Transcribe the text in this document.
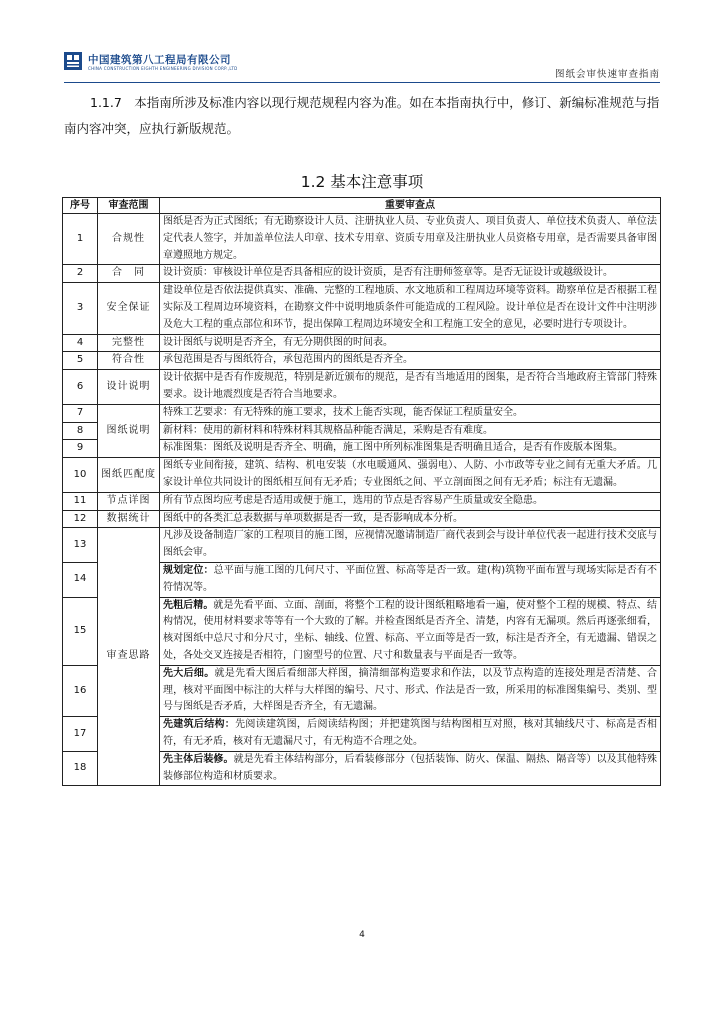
中国建筑第八工程局有限公司
CHINA CONSTRUCTION EIGHTH ENGINEERING DIVISION CORP.,LTD
图纸会审快速审查指南

1.1.7　本指南所涉及标准内容以现行规范规程内容为准。如在本指南执行中，修订、新编标准规范与指南内容冲突，应执行新版规范。

1.2 基本注意事项
序号	审查范围	重要审查点
1	合规性	图纸是否为正式图纸；有无勘察设计人员、注册执业人员、专业负责人、项目负责人、单位技术负责人、单位法定代表人签字，并加盖单位法人印章、技术专用章、资质专用章及注册执业人员资格专用章，是否需要具备审图章遵照地方规定。
2	合　同	设计资质：审核设计单位是否具备相应的设计资质，是否有注册师签章等。是否无证设计或越级设计。
3	安全保证	建设单位是否依法提供真实、准确、完整的工程地质、水文地质和工程周边环境等资料。勘察单位是否根据工程实际及工程周边环境资料，在勘察文件中说明地质条件可能造成的工程风险。设计单位是否在设计文件中注明涉及危大工程的重点部位和环节，提出保障工程周边环境安全和工程施工安全的意见，必要时进行专项设计。
4	完整性	设计图纸与说明是否齐全，有无分期供图的时间表。
5	符合性	承包范围是否与图纸符合，承包范围内的图纸是否齐全。
6	设计说明	设计依据中是否有作废规范，特别是新近颁布的规范，是否有当地适用的图集，是否符合当地政府主管部门特殊要求。设计地震烈度是否符合当地要求。
7	图纸说明	特殊工艺要求：有无特殊的施工要求，技术上能否实现，能否保证工程质量安全。
8		新材料：使用的新材料和特殊材料其规格品种能否满足，采购是否有难度。
9		标准图集：图纸及说明是否齐全、明确，施工图中所列标准图集是否明确且适合，是否有作废版本图集。
10	图纸匹配度	图纸专业间衔接，建筑、结构、机电安装（水电暖通风、强弱电）、人防、小市政等专业之间有无重大矛盾。几家设计单位共同设计的图纸相互间有无矛盾；专业图纸之间、平立剖面图之间有无矛盾；标注有无遗漏。
11	节点详图	所有节点图均应考虑是否适用或便于施工，选用的节点是否容易产生质量或安全隐患。
12	数据统计	图纸中的各类汇总表数据与单项数据是否一致，是否影响成本分析。
13	审查思路	凡涉及设备制造厂家的工程项目的施工图，应视情况邀请制造厂商代表到会与设计单位代表一起进行技术交底与图纸会审。
14		规划定位：总平面与施工图的几何尺寸、平面位置、标高等是否一致。建(构)筑物平面布置与现场实际是否有不符情况等。
15		先粗后精。就是先看平面、立面、剖面，将整个工程的设计图纸粗略地看一遍，使对整个工程的规模、特点、结构情况，使用材料要求等等有一个大致的了解。并检查图纸是否齐全、清楚，内容有无漏项。然后再逐张细看，核对图纸中总尺寸和分尺寸，坐标、轴线、位置、标高、平立面等是否一致，标注是否齐全，有无遗漏、错误之处，各处交叉连接是否相符，门窗型号的位置、尺寸和数量表与平面是否一致等。
16		先大后细。就是先看大图后看细部大样图，摘清细部构造要求和作法，以及节点构造的连接处理是否清楚、合理，核对平面图中标注的大样与大样图的编号、尺寸、形式、作法是否一致，所采用的标准图集编号、类别、型号与图纸是否矛盾，大样图是否齐全，有无遗漏。
17		先建筑后结构：先阅读建筑图，后阅读结构图；并把建筑图与结构图相互对照，核对其轴线尺寸、标高是否相符，有无矛盾，核对有无遗漏尺寸，有无构造不合理之处。
18		先主体后装修。就是先看主体结构部分，后看装修部分（包括装饰、防火、保温、隔热、隔音等）以及其他特殊装修部位构造和材质要求。
4
